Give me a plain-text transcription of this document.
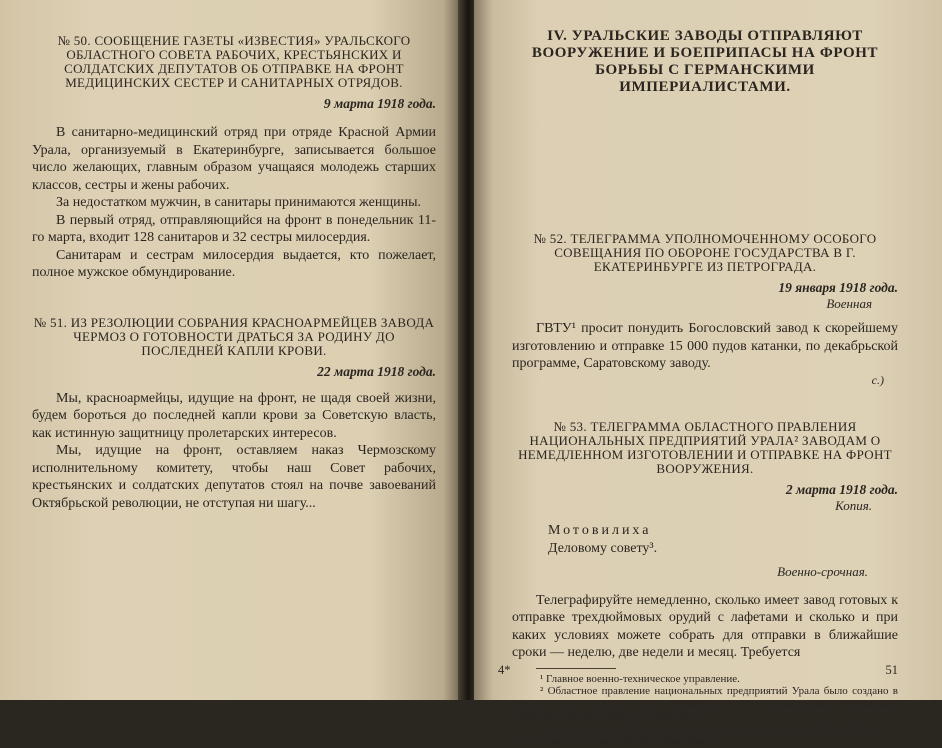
№ 50. СООБЩЕНИЕ ГАЗЕТЫ «ИЗВЕСТИЯ» УРАЛЬСКОГО ОБЛАСТНОГО СОВЕТА РАБОЧИХ, КРЕСТЬЯНСКИХ И СОЛДАТСКИХ ДЕПУТАТОВ ОБ ОТПРАВКЕ НА ФРОНТ МЕДИЦИНСКИХ СЕСТЕР И САНИТАРНЫХ ОТРЯДОВ.

9 марта 1918 года.

В санитарно-медицинский отряд при отряде Красной Армии Урала, организуемый в Екатеринбурге, записывается большое число желающих, главным образом учащаяся молодежь старших классов, сестры и жены рабочих.

За недостатком мужчин, в санитары принимаются женщины.

В первый отряд, отправляющийся на фронт в понедельник 11-го марта, входит 128 санитаров и 32 сестры милосердия.

Санитарам и сестрам милосердия выдается, кто пожелает, полное мужское обмундирование.

№ 51. ИЗ РЕЗОЛЮЦИИ СОБРАНИЯ КРАСНОАРМЕЙЦЕВ ЗАВОДА ЧЕРМОЗ О ГОТОВНОСТИ ДРАТЬСЯ ЗА РОДИНУ ДО ПОСЛЕДНЕЙ КАПЛИ КРОВИ.

22 марта 1918 года.

Мы, красноармейцы, идущие на фронт, не щадя своей жизни, будем бороться до последней капли крови за Советскую власть, как истинную защитницу пролетарских интересов.

Мы, идущие на фронт, оставляем наказ Чермозскому исполнительному комитету, чтобы наш Совет рабочих, крестьянских и солдатских депутатов стоял на почве завоеваний Октябрьской революции, не отступая ни шагу...

IV. УРАЛЬСКИЕ ЗАВОДЫ ОТПРАВЛЯЮТ ВООРУЖЕНИЕ И БОЕПРИПАСЫ НА ФРОНТ БОРЬБЫ С ГЕРМАНСКИМИ ИМПЕРИАЛИСТАМИ.

№ 52. ТЕЛЕГРАММА УПОЛНОМОЧЕННОМУ ОСОБОГО СОВЕЩАНИЯ ПО ОБОРОНЕ ГОСУДАРСТВА В Г. ЕКАТЕРИНБУРГЕ ИЗ ПЕТРОГРАДА.

19 января 1918 года.

Военная

ГВТУ¹ просит понудить Богословский завод к скорейшему изготовлению и отправке 15 000 пудов катанки, по декабрьской программе, Саратовскому заводу.

с.)

№ 53. ТЕЛЕГРАММА ОБЛАСТНОГО ПРАВЛЕНИЯ НАЦИОНАЛЬНЫХ ПРЕДПРИЯТИЙ УРАЛА² ЗАВОДАМ О НЕМЕДЛЕННОМ ИЗГОТОВЛЕНИИ И ОТПРАВКЕ НА ФРОНТ ВООРУЖЕНИЯ.

2 марта 1918 года.

Копия.

Мотовилиха

Деловому совету³.

Военно-срочная.

Телеграфируйте немедленно, сколько имеет завод готовых к отправке трехдюймовых орудий с лафетами и сколько и при каких условиях можете собрать для отправки в ближайшие сроки — неделю, две недели и месяц. Требуется

¹ Главное военно-техническое управление.

² Областное правление национальных предприятий Урала было создано в начале 1918 года для управления и руководства уральскими национализированными предприятиями.

³ Деловые советы создавались на заводах из представителей рабочих и служащих для управления производством.

4*	51
